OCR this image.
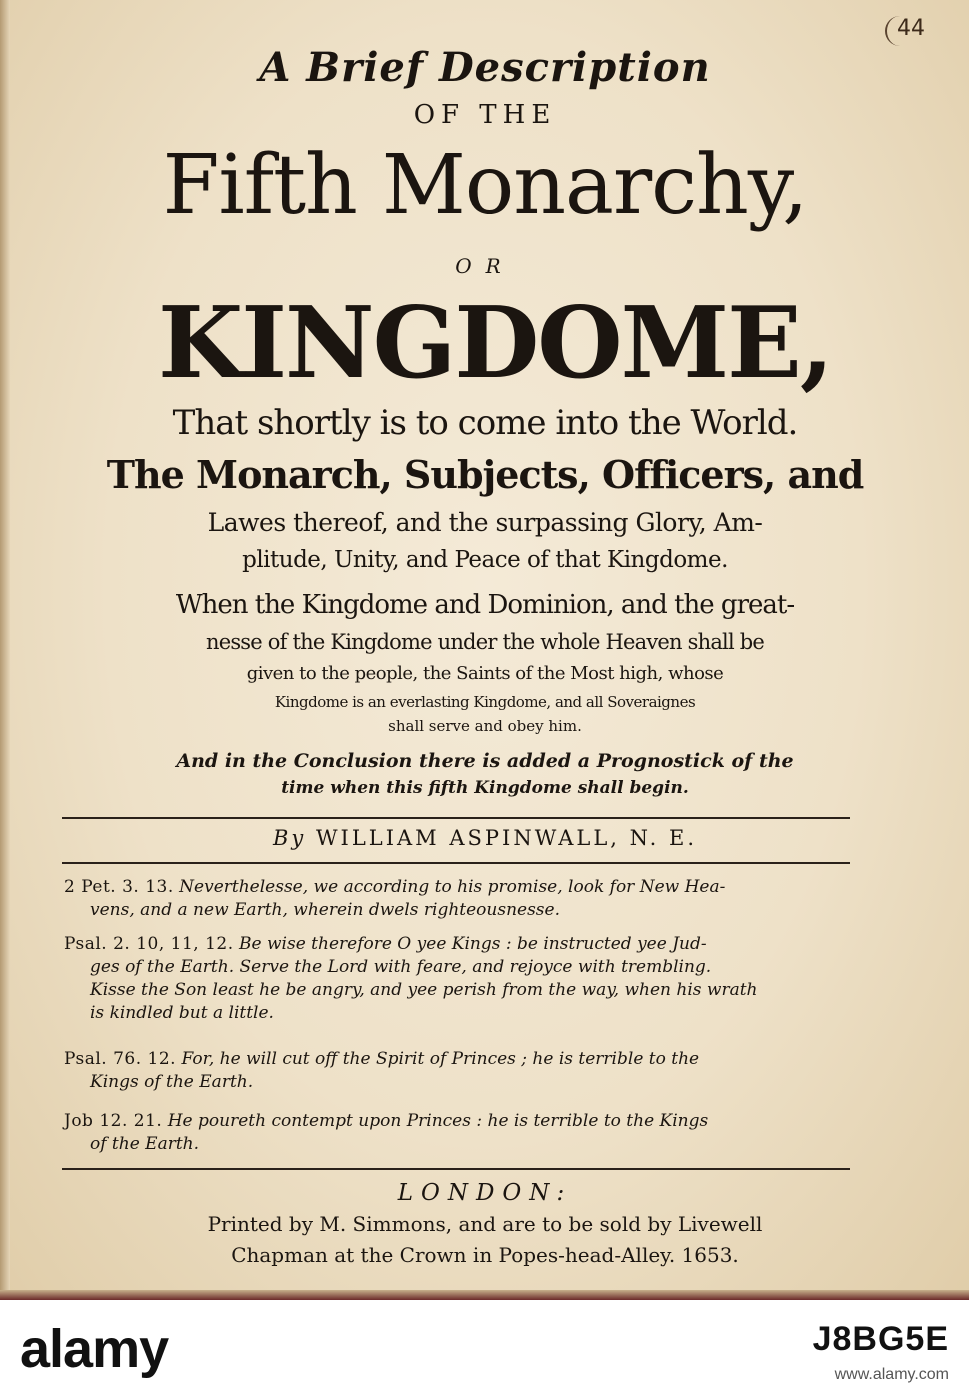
44
A Brief Description
OF THE
Fifth Monarchy,
OR
KINGDOME,
That shortly is to come into the World.
The Monarch, Subjects, Officers, and
Lawes thereof, and the surpassing Glory, Am-
plitude, Unity, and Peace of that Kingdome.
When the Kingdome and Dominion, and the great-
nesse of the Kingdome under the whole Heaven shall be
given to the people, the Saints of the Most high, whose
Kingdome is an everlasting Kingdome, and all Soveraignes
shall serve and obey him.
And in the Conclusion there is added a Prognostick of the
time when this fifth Kingdome shall begin.
By WILLIAM ASPINWALL, N. E.
2 Pet. 3. 13. Neverthelesse, we according to his promise, look for New Hea-
vens, and a new Earth, wherein dwels righteousnesse.
Psal. 2. 10, 11, 12. Be wise therefore O yee Kings : be instructed yee Jud-
ges of the Earth. Serve the Lord with feare, and rejoyce with trembling.
Kisse the Son least he be angry, and yee perish from the way, when his wrath
is kindled but a little.
Psal. 76. 12. For, he will cut off the Spirit of Princes ; he is terrible to the
Kings of the Earth.
Job 12. 21. He poureth contempt upon Princes : he is terrible to the Kings
of the Earth.
LONDON:
Printed by M. Simmons, and are to be sold by Livewell
Chapman at the Crown in Popes-head-Alley. 1653.
alamy	J8BG5E
www.alamy.com
